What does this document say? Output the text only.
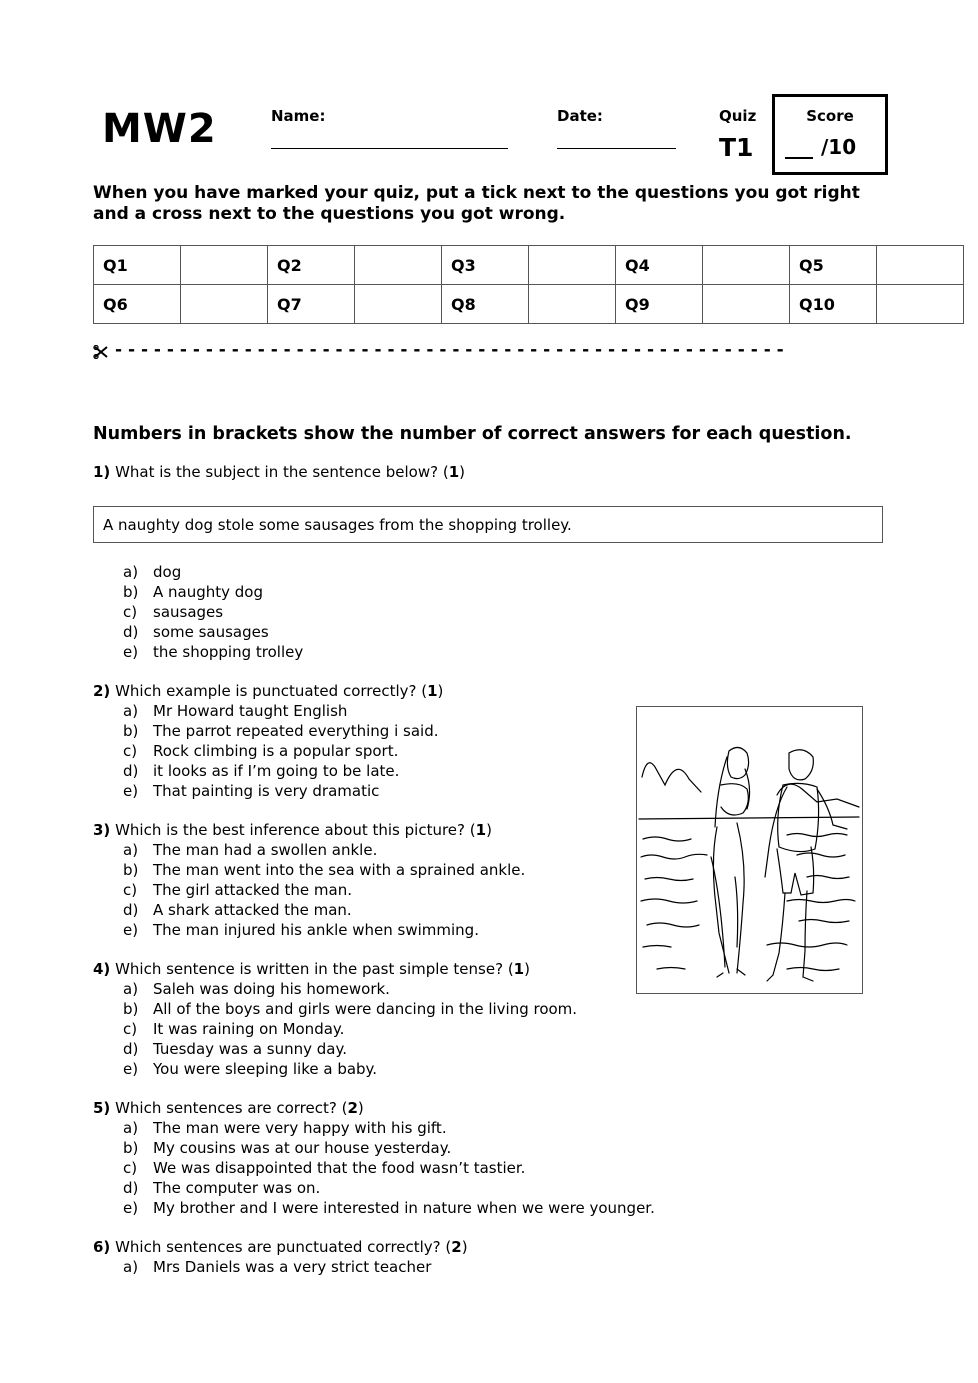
MW2	Name:	Date:	Quiz
T1
Score
/10
When you have marked your quiz, put a tick next to the questions you got right and a cross next to the questions you got wrong.
Q1		Q2		Q3		Q4		Q5	
Q6		Q7		Q8		Q9		Q10	
- - - - - - - - - - - - - - - - - - - - - - - - - - - - - - - - - - - - - - - - - - - - - - - - - - - -
Numbers in brackets show the number of correct answers for each question.
1) What is the subject in the sentence below? (1)
A naughty dog stole some sausages from the shopping trolley.
a) dog
b) A naughty dog
c) sausages
d) some sausages
e) the shopping trolley
2) Which example is punctuated correctly? (1)
a) Mr Howard taught English
b) The parrot repeated everything i said.
c) Rock climbing is a popular sport.
d) it looks as if I’m going to be late.
e) That painting is very dramatic
3) Which is the best inference about this picture? (1)
a) The man had a swollen ankle.
b) The man went into the sea with a sprained ankle.
c) The girl attacked the man.
d) A shark attacked the man.
e) The man injured his ankle when swimming.
4) Which sentence is written in the past simple tense? (1)
a) Saleh was doing his homework.
b) All of the boys and girls were dancing in the living room.
c) It was raining on Monday.
d) Tuesday was a sunny day.
e) You were sleeping like a baby.
5) Which sentences are correct? (2)
a) The man were very happy with his gift.
b) My cousins was at our house yesterday.
c) We was disappointed that the food wasn’t tastier.
d) The computer was on.
e) My brother and I were interested in nature when we were younger.
6) Which sentences are punctuated correctly? (2)
a) Mrs Daniels was a very strict teacher
